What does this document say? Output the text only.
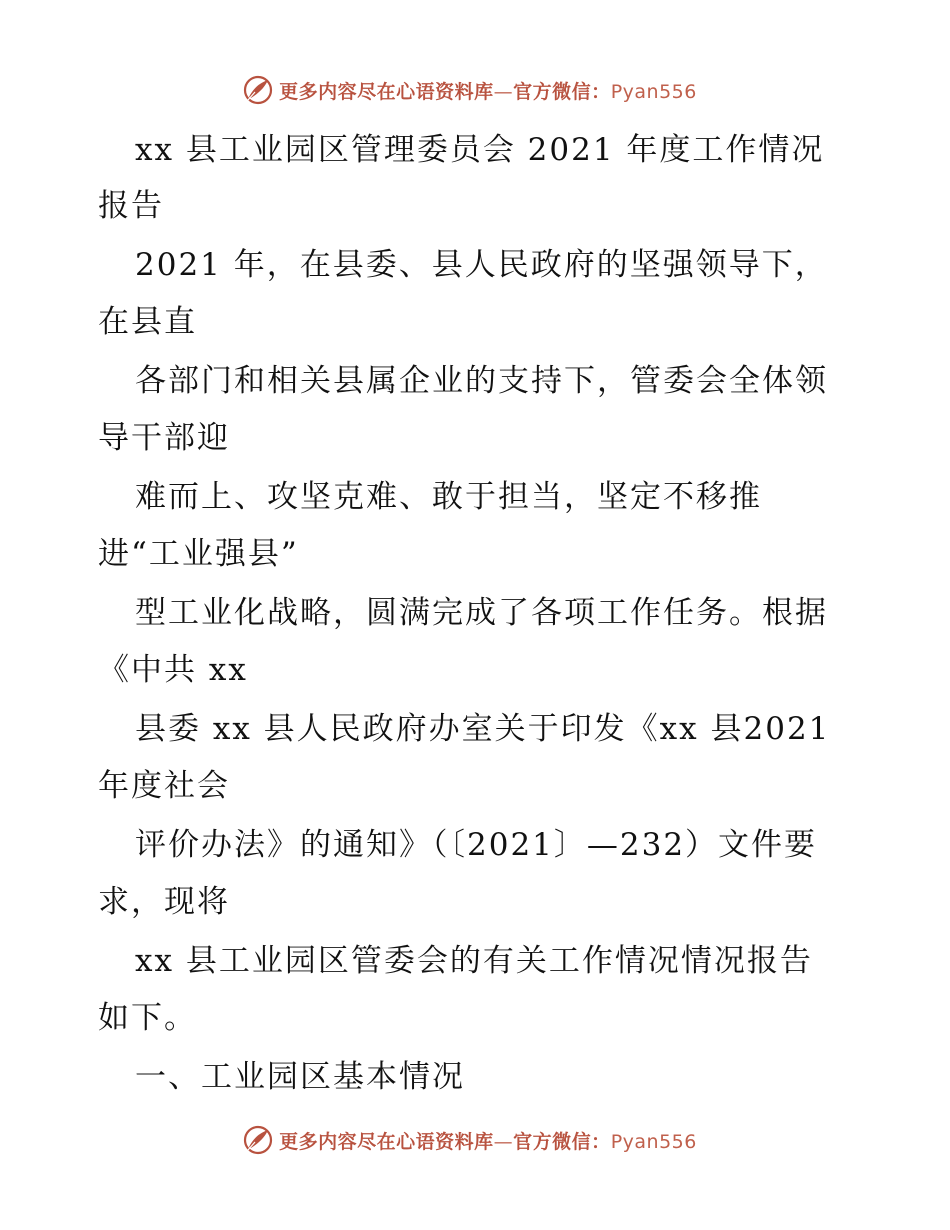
更多内容尽在心语资料库—官方微信：Pyan556
xx 县工业园区管理委员会 2021 年度工作情况
报告
2021 年，在县委、县人民政府的坚强领导下，
在县直
各部门和相关县属企业的支持下，管委会全体领
导干部迎
难而上、攻坚克难、敢于担当，坚定不移推
进“工业强县”
型工业化战略，圆满完成了各项工作任务。根据
《中共 xx
县委 xx 县人民政府办室关于印发《xx 县2021
年度社会
评价办法》的通知》（〔2021〕—232）文件要
求，现将
xx 县工业园区管委会的有关工作情况情况报告
如下。
一、工业园区基本情况
更多内容尽在心语资料库—官方微信：Pyan556
